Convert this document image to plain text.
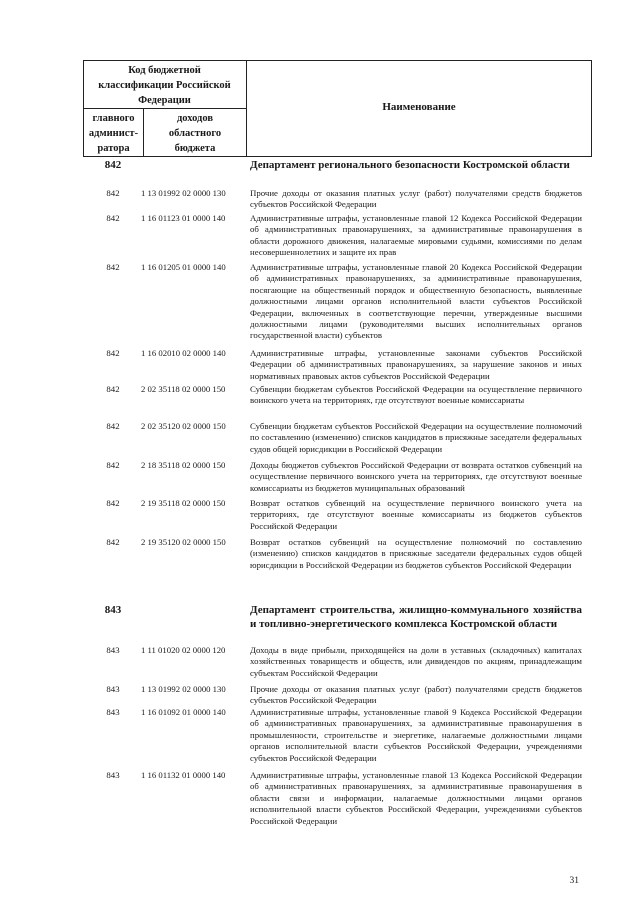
Код бюджетной классификации Российской Федерации
главного админист-ратора
доходов областного бюджета
Наименование
842	Департамент регионального безопасности Костромской области
842	1 13 01992 02 0000 130	Прочие доходы от оказания платных услуг (работ) получателями средств бюджетов субъектов Российской Федерации
842	1 16 01123 01 0000 140	Административные штрафы, установленные главой 12 Кодекса Российской Федерации об административных правонарушениях, за административные правонарушения в области дорожного движения, налагаемые мировыми судьями, комиссиями по делам несовершеннолетних и защите их прав
842	1 16 01205 01 0000 140	Административные штрафы, установленные главой 20 Кодекса Российской Федерации об административных правонарушениях, за административные правонарушения, посягающие на общественный порядок и общественную безопасность, выявленные должностными лицами органов исполнительной власти субъектов Российской Федерации, включенных в соответствующие перечни, утвержденные высшими должностными лицами (руководителями высших исполнительных органов государственной власти) субъектов
842	1 16 02010 02 0000 140	Административные штрафы, установленные законами субъектов Российской Федерации об административных правонарушениях, за нарушение законов и иных нормативных правовых актов субъектов Российской Федерации
842	2 02 35118 02 0000 150	Субвенции бюджетам субъектов Российской Федерации на осуществление первичного воинского учета на территориях, где отсутствуют военные комиссариаты
842	2 02 35120 02 0000 150	Субвенции бюджетам субъектов Российской Федерации на осуществление полномочий по составлению (изменению) списков кандидатов в присяжные заседатели федеральных судов общей юрисдикции в Российской Федерации
842	2 18 35118 02 0000 150	Доходы бюджетов субъектов Российской Федерации от возврата остатков субвенций на осуществление первичного воинского учета на территориях, где отсутствуют военные комиссариаты из бюджетов муниципальных образований
842	2 19 35118 02 0000 150	Возврат остатков субвенций на осуществление первичного воинского учета на территориях, где отсутствуют военные комиссариаты из бюджетов субъектов Российской Федерации
842	2 19 35120 02 0000 150	Возврат остатков субвенций на осуществление полномочий по составлению (изменению) списков кандидатов в присяжные заседатели федеральных судов общей юрисдикции в Российской Федерации из бюджетов субъектов Российской Федерации
843	Департамент строительства, жилищно-коммунального хозяйства и топливно-энергетического комплекса Костромской области
843	1 11 01020 02 0000 120	Доходы в виде прибыли, приходящейся на доли в уставных (складочных) капиталах хозяйственных товариществ и обществ, или дивидендов по акциям, принадлежащим субъектам Российской Федерации
843	1 13 01992 02 0000 130	Прочие доходы от оказания платных услуг (работ) получателями средств бюджетов субъектов Российской Федерации
843	1 16 01092 01 0000 140	Административные штрафы, установленные главой 9 Кодекса Российской Федерации об административных правонарушениях, за административные правонарушения в промышленности, строительстве и энергетике, налагаемые должностными лицами органов исполнительной власти субъектов Российской Федерации, учреждениями субъектов Российской Федерации
843	1 16 01132 01 0000 140	Административные штрафы, установленные главой 13 Кодекса Российской Федерации об административных правонарушениях, за административные правонарушения в области связи и информации, налагаемые должностными лицами органов исполнительной власти субъектов Российской Федерации, учреждениями субъектов Российской Федерации
31
